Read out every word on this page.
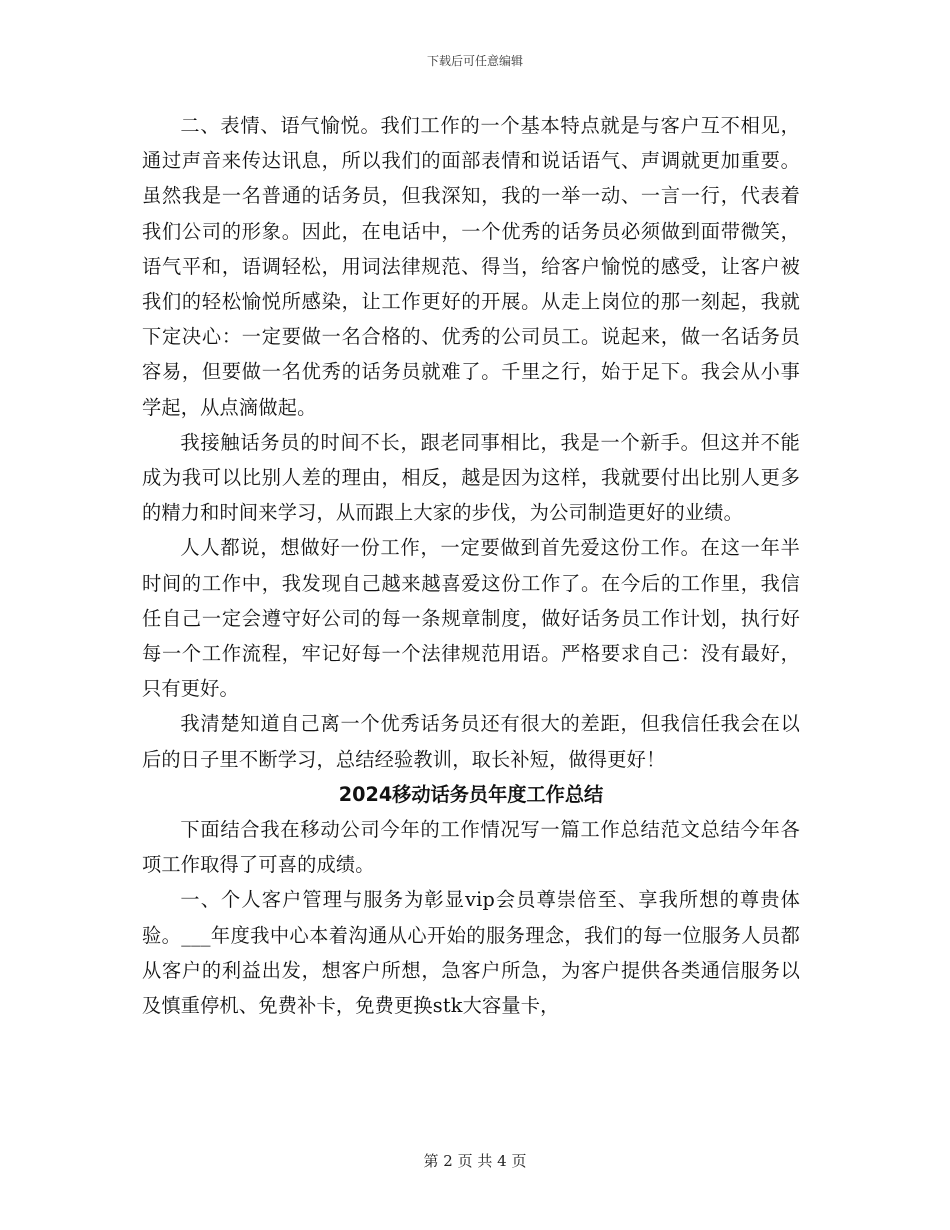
下载后可任意编辑

二、表情、语气愉悦。我们工作的一个基本特点就是与客户互不相见，通过声音来传达讯息，所以我们的面部表情和说话语气、声调就更加重要。虽然我是一名普通的话务员，但我深知，我的一举一动、一言一行，代表着我们公司的形象。因此，在电话中，一个优秀的话务员必须做到面带微笑，语气平和，语调轻松，用词法律规范、得当，给客户愉悦的感受，让客户被我们的轻松愉悦所感染，让工作更好的开展。从走上岗位的那一刻起，我就下定决心：一定要做一名合格的、优秀的公司员工。说起来，做一名话务员容易，但要做一名优秀的话务员就难了。千里之行，始于足下。我会从小事学起，从点滴做起。

我接触话务员的时间不长，跟老同事相比，我是一个新手。但这并不能成为我可以比别人差的理由，相反，越是因为这样，我就要付出比别人更多的精力和时间来学习，从而跟上大家的步伐，为公司制造更好的业绩。

人人都说，想做好一份工作，一定要做到首先爱这份工作。在这一年半时间的工作中，我发现自己越来越喜爱这份工作了。在今后的工作里，我信任自己一定会遵守好公司的每一条规章制度，做好话务员工作计划，执行好每一个工作流程，牢记好每一个法律规范用语。严格要求自己：没有最好，只有更好。

我清楚知道自己离一个优秀话务员还有很大的差距，但我信任我会在以后的日子里不断学习，总结经验教训，取长补短，做得更好！

2024移动话务员年度工作总结

下面结合我在移动公司今年的工作情况写一篇工作总结范文总结今年各项工作取得了可喜的成绩。

一、个人客户管理与服务为彰显vip会员尊崇倍至、享我所想的尊贵体验。___年度我中心本着沟通从心开始的服务理念，我们的每一位服务人员都从客户的利益出发，想客户所想，急客户所急，为客户提供各类通信服务以及慎重停机、免费补卡，免费更换stk大容量卡，

第 2 页 共 4 页
